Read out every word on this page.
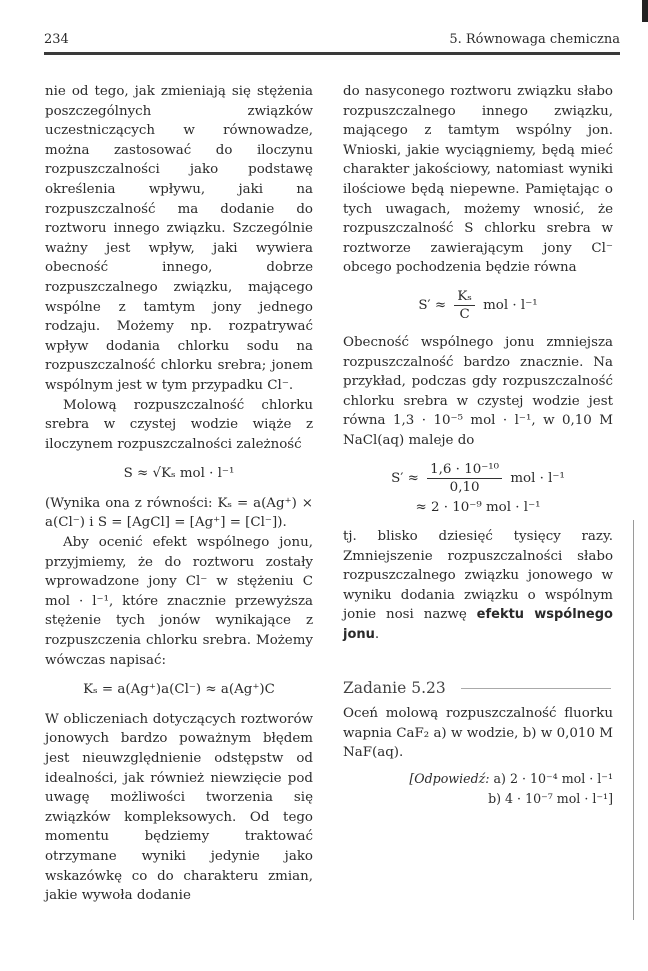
234	5. Równowaga chemiczna

nie od tego, jak zmieniają się stężenia poszczególnych związków uczestniczących w równowadze, można zastosować do iloczynu rozpuszczalności jako podstawę określenia wpływu, jaki na rozpuszczalność ma dodanie do roztworu innego związku. Szczególnie ważny jest wpływ, jaki wywiera obecność innego, dobrze rozpuszczalnego związku, mającego wspólne z tamtym jony jednego rodzaju. Możemy np. rozpatrywać wpływ dodania chlorku sodu na rozpuszczalność chlorku srebra; jonem wspólnym jest w tym przypadku Cl⁻.

Molową rozpuszczalność chlorku srebra w czystej wodzie wiąże z iloczynem rozpuszczalności zależność

S ≈ √Kₛ mol · l⁻¹

(Wynika ona z równości: Kₛ = a(Ag⁺) × a(Cl⁻) i S = [AgCl] = [Ag⁺] = [Cl⁻]).

Aby ocenić efekt wspólnego jonu, przyjmiemy, że do roztworu zostały wprowadzone jony Cl⁻ w stężeniu C mol · l⁻¹, które znacznie przewyższa stężenie tych jonów wynikające z rozpuszczenia chlorku srebra. Możemy wówczas napisać:

Kₛ = a(Ag⁺)a(Cl⁻) ≈ a(Ag⁺)C

W obliczeniach dotyczących roztworów jonowych bardzo poważnym błędem jest nieuwzględnienie odstępstw od idealności, jak również niewzięcie pod uwagę możliwości tworzenia się związków kompleksowych. Od tego momentu będziemy traktować otrzymane wyniki jedynie jako wskazówkę co do charakteru zmian, jakie wywoła dodanie

do nasyconego roztworu związku słabo rozpuszczalnego innego związku, mającego z tamtym wspólny jon. Wnioski, jakie wyciągniemy, będą mieć charakter jakościowy, natomiast wyniki ilościowe będą niepewne. Pamiętając o tych uwagach, możemy wnosić, że rozpuszczalność S chlorku srebra w roztworze zawierającym jony Cl⁻ obcego pochodzenia będzie równa

$S' \approx \frac{\text{Kₛ}}{C}$ mol · l⁻¹

Obecność wspólnego jonu zmniejsza rozpuszczalność bardzo znacznie. Na przykład, podczas gdy rozpuszczalność chlorku srebra w czystej wodzie jest równa 1,3 · 10⁻⁵ mol · l⁻¹, w 0,10 M NaCl(aq) maleje do

$S' \approx \frac{\text{1,6 · 10⁻¹⁰}}{0,10}$ mol · l⁻¹

≈ 2 · 10⁻⁹ mol · l⁻¹

tj. blisko dziesięć tysięcy razy. Zmniejszenie rozpuszczalności słabo rozpuszczalnego związku jonowego w wyniku dodania związku o wspólnym jonie nosi nazwę efektu wspólnego jonu.

Zadanie 5.23

Oceń molową rozpuszczalność fluorku wapnia CaF₂ a) w wodzie, b) w 0,010 M NaF(aq).

[Odpowiedź: a) 2 · 10⁻⁴ mol · l⁻¹

b) 4 · 10⁻⁷ mol · l⁻¹]
